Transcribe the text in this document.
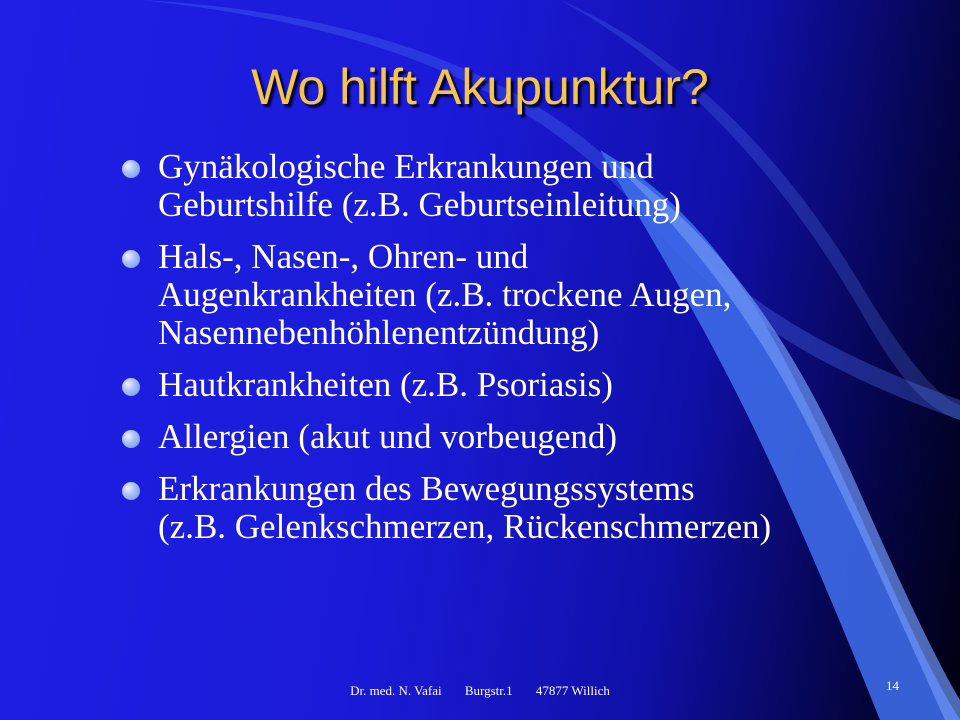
Wo hilft Akupunktur?
Gynäkologische Erkrankungen und
Geburtshilfe (z.B. Geburtseinleitung)
Hals-, Nasen-, Ohren- und
Augenkrankheiten (z.B. trockene Augen,
Nasennebenhöhlenentzündung)
Hautkrankheiten (z.B. Psoriasis)
Allergien (akut und vorbeugend)
Erkrankungen des Bewegungssystems
(z.B. Gelenkschmerzen, Rückenschmerzen)
Dr. med. N. Vafai Burgstr.1 47877 Willich	14
